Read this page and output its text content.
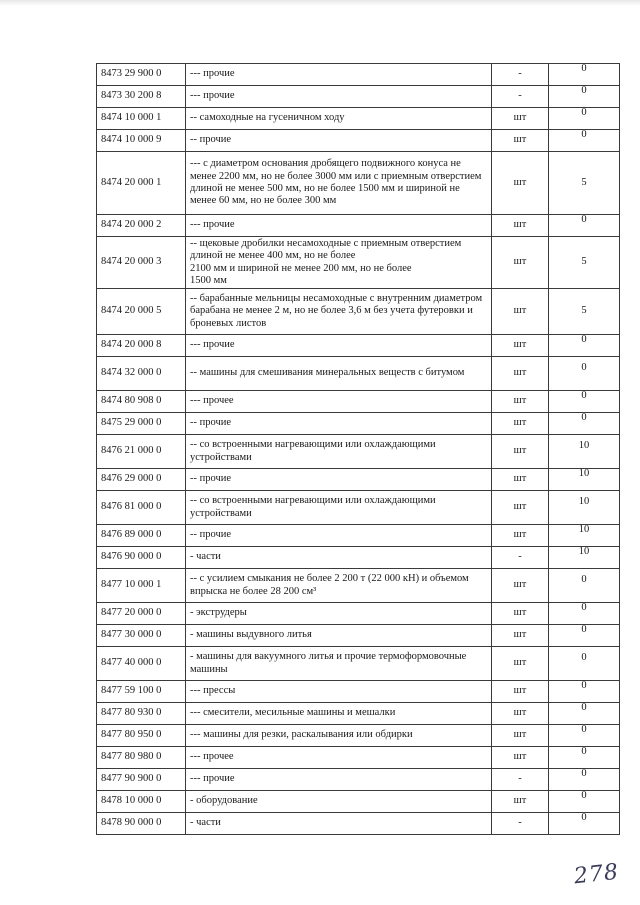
8473 29 900 0	--- прочие	-	0

8473 30 200 8	--- прочие	-	0

8474 10 000 1	-- самоходные на гусеничном ходу	шт	0

8474 10 000 9	-- прочие	шт	0

8474 20 000 1	--- с диаметром основания дробящего подвижного конуса не менее 2200 мм, но не более 3000 мм или с приемным отверстием длиной не менее 500 мм, но не более 1500 мм и шириной не менее 60 мм, но не более 300 мм	шт	5

8474 20 000 2	--- прочие	шт	0

8474 20 000 3	-- щековые дробилки несамоходные с приемным отверстием длиной не менее 400 мм, но не более
2100 мм и шириной не менее 200 мм, но не более
1500 мм	шт	5

8474 20 000 5	-- барабанные мельницы несамоходные с внутренним диаметром барабана не менее 2 м, но не более 3,6 м без учета футеровки и броневых листов	шт	5

8474 20 000 8	--- прочие	шт	0

8474 32 000 0	-- машины для смешивания минеральных веществ с битумом	шт	0

8474 80 908 0	--- прочее	шт	0

8475 29 000 0	-- прочие	шт	0

8476 21 000 0	-- со встроенными нагревающими или охлаждающими устройствами	шт	10

8476 29 000 0	-- прочие	шт	10

8476 81 000 0	-- со встроенными нагревающими или охлаждающими устройствами	шт	10

8476 89 000 0	-- прочие	шт	10

8476 90 000 0	- части	-	10

8477 10 000 1	-- с усилием смыкания не более 2 200 т (22 000 кН) и объемом впрыска не более 28 200 см³	шт	0

8477 20 000 0	- экструдеры	шт	0

8477 30 000 0	- машины выдувного литья	шт	0

8477 40 000 0	- машины для вакуумного литья и прочие термоформовочные машины	шт	0

8477 59 100 0	--- прессы	шт	0

8477 80 930 0	--- смесители, месильные машины и мешалки	шт	0

8477 80 950 0	--- машины для резки, раскалывания или обдирки	шт	0

8477 80 980 0	--- прочее	шт	0

8477 90 900 0	--- прочие	-	0

8478 10 000 0	- оборудование	шт	0

8478 90 000 0	- части	-	0
278
